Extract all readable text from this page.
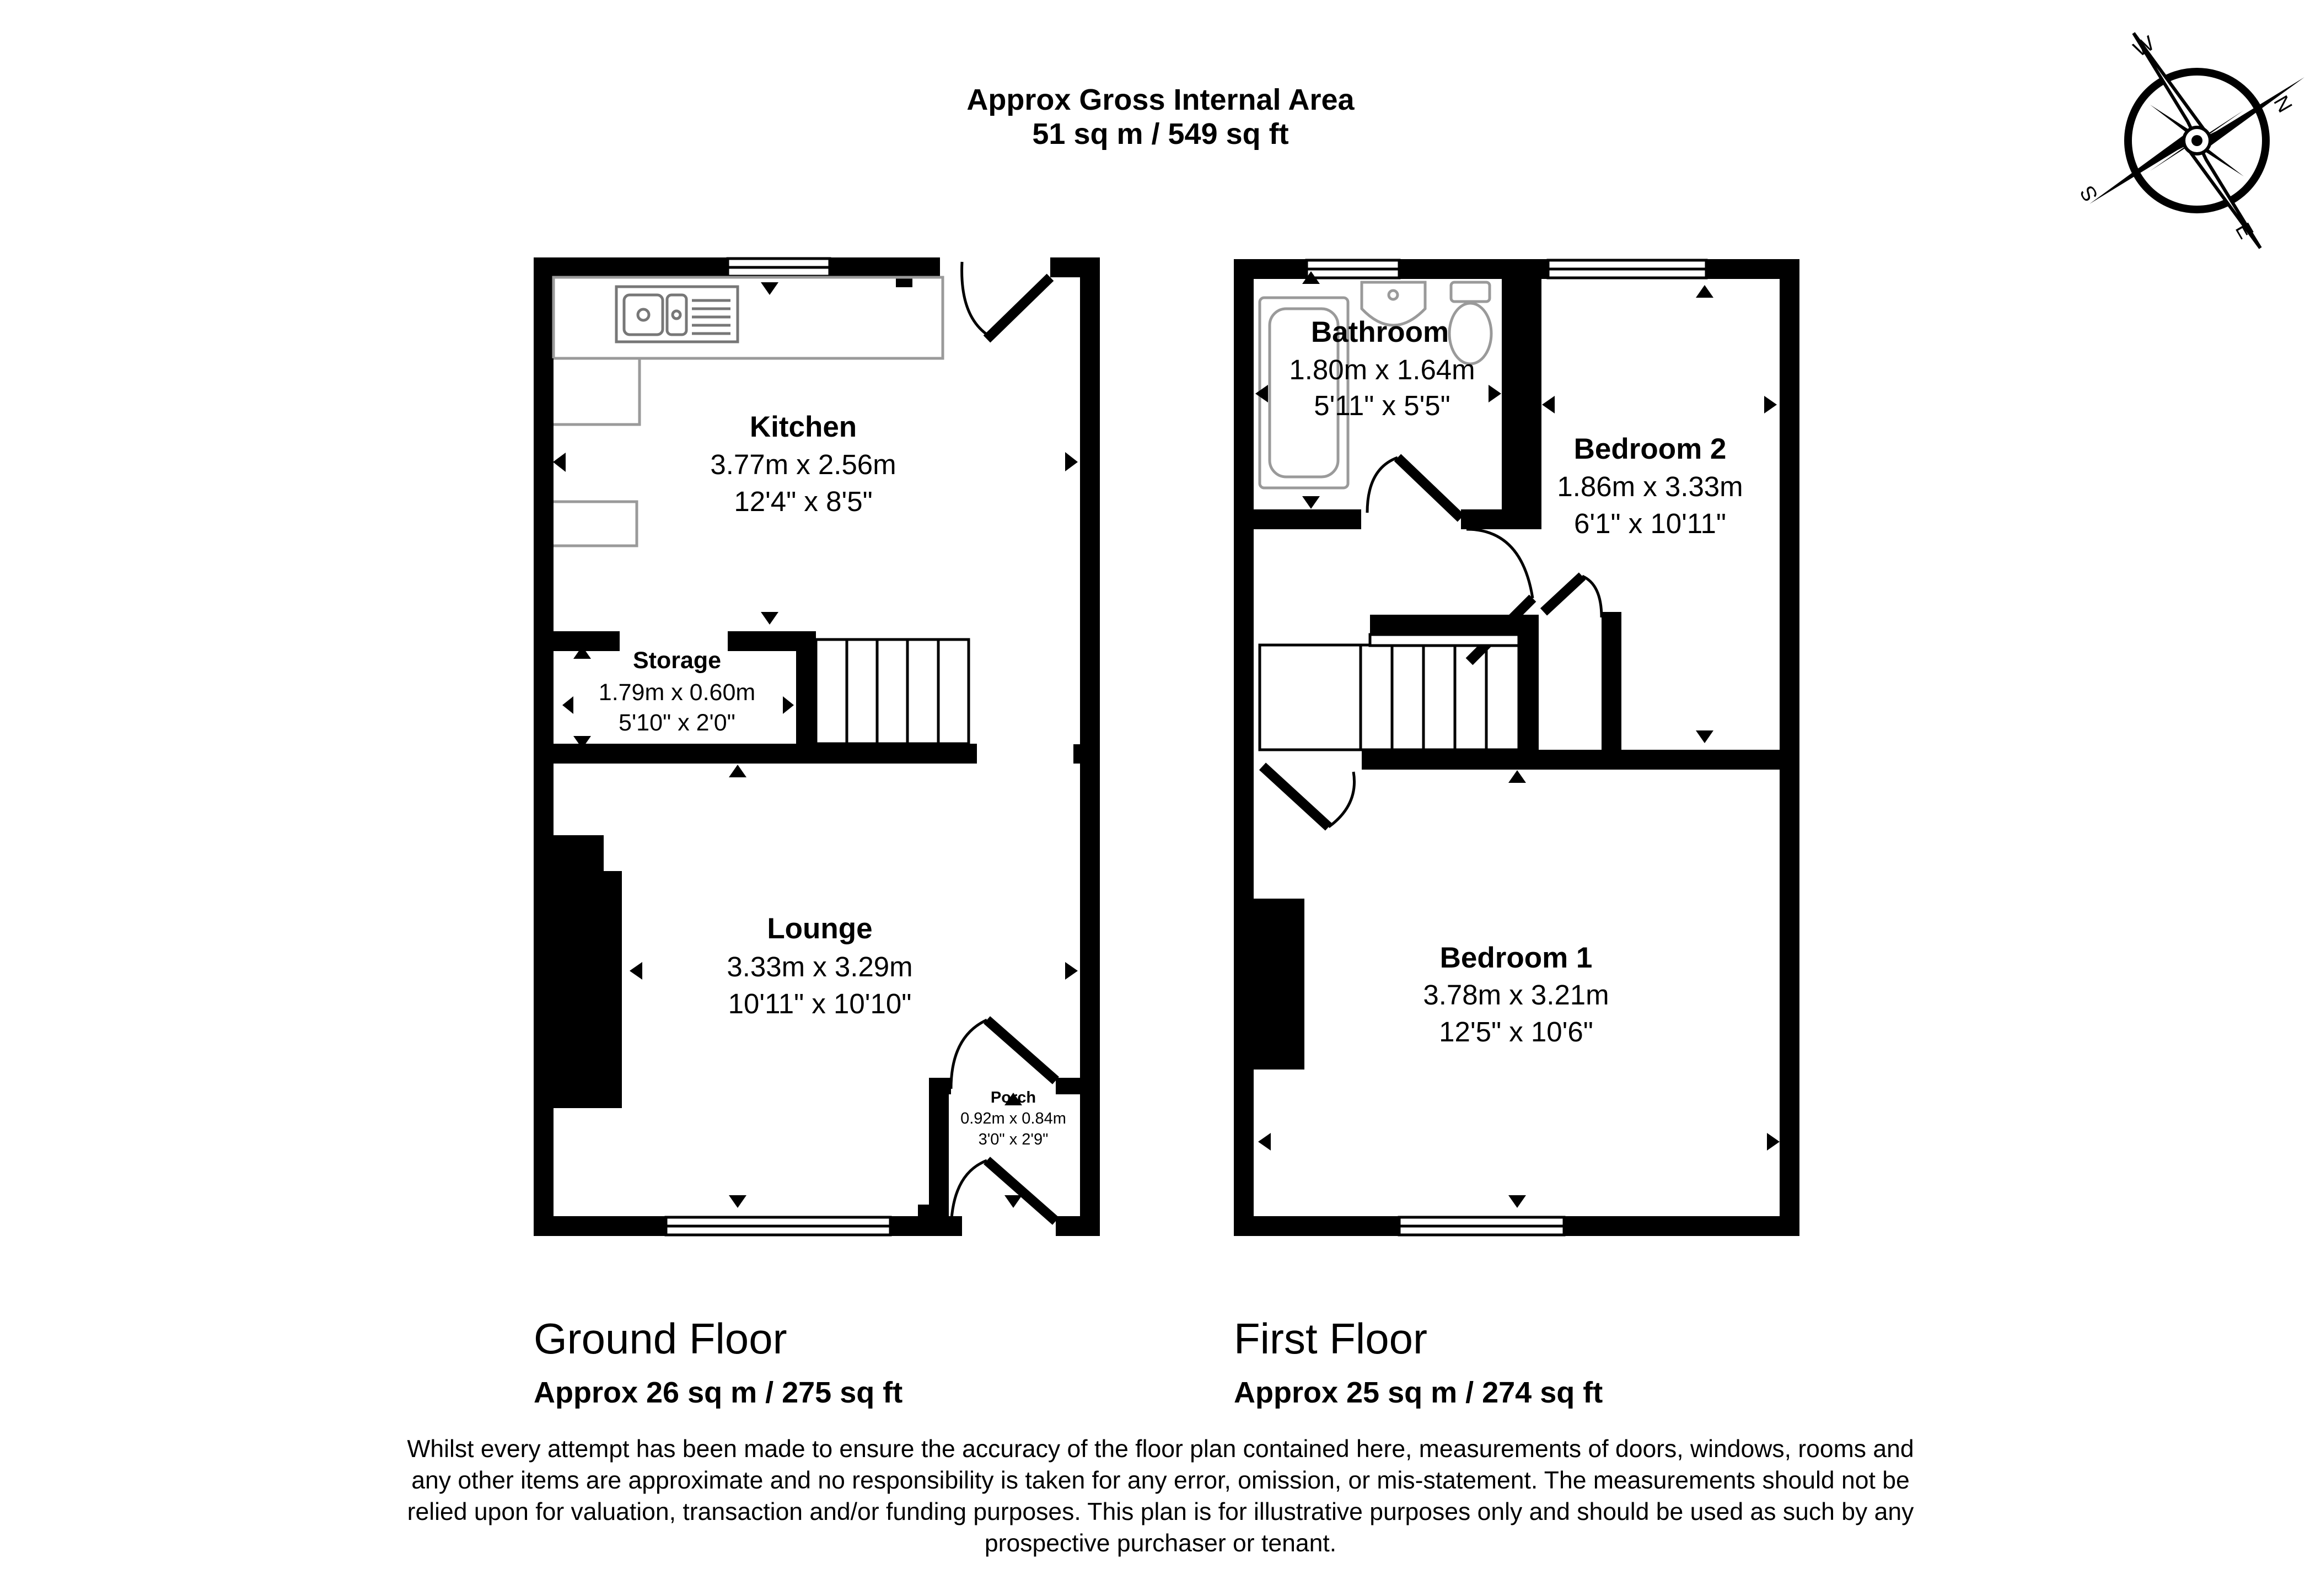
Approx Gross Internal Area
51 sq m / 549 sq ft
W
N
S
E
Kitchen
3.77m x 2.56m
12'4" x 8'5"
Storage
1.79m x 0.60m
5'10" x 2'0"
Lounge
3.33m x 3.29m
10'11" x 10'10"
Porch
0.92m x 0.84m
3'0" x 2'9"
Bathroom
1.80m x 1.64m
5'11" x 5'5"
Bedroom 2
1.86m x 3.33m
6'1" x 10'11"
Bedroom 1
3.78m x 3.21m
12'5" x 10'6"
Ground Floor
Approx 26 sq m / 275 sq ft
First Floor
Approx 25 sq m / 274 sq ft
Whilst every attempt has been made to ensure the accuracy of the floor plan contained here, measurements of doors, windows, rooms and
any other items are approximate and no responsibility is taken for any error, omission, or mis-statement. The measurements should not be
relied upon for valuation, transaction and/or funding purposes. This plan is for illustrative purposes only and should be used as such by any
prospective purchaser or tenant.
